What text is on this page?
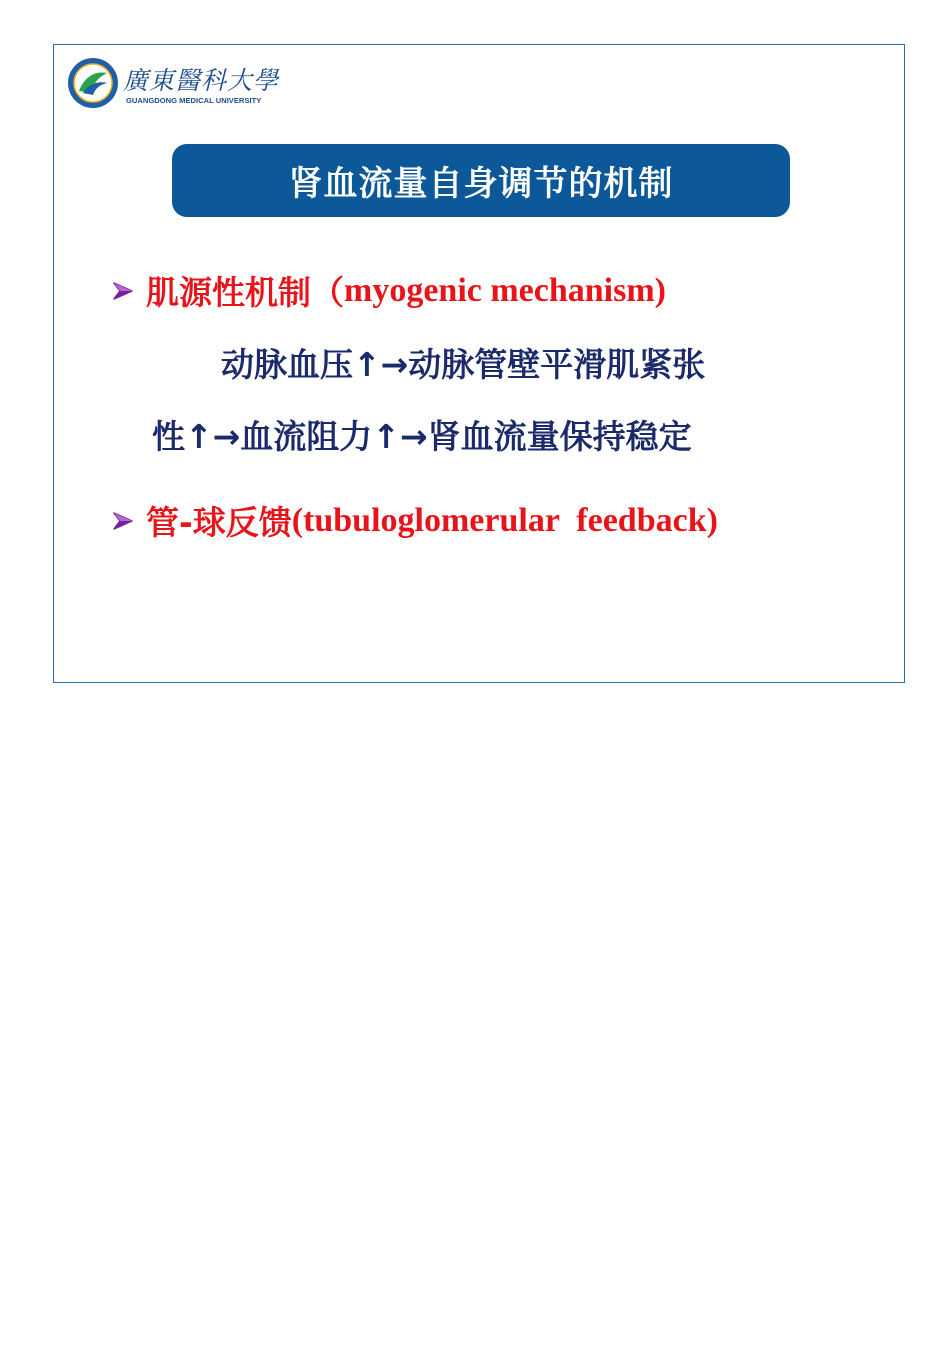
廣東醫科大學
GUANGDONG MEDICAL UNIVERSITY
肾血流量自身调节的机制
肌源性机制（ myogenic mechanism)
动脉血压↑→动脉管壁平滑肌紧张
性↑→血流阻力↑→肾血流量保持稳定
管-球反馈 (tubuloglomerular  feedback)
